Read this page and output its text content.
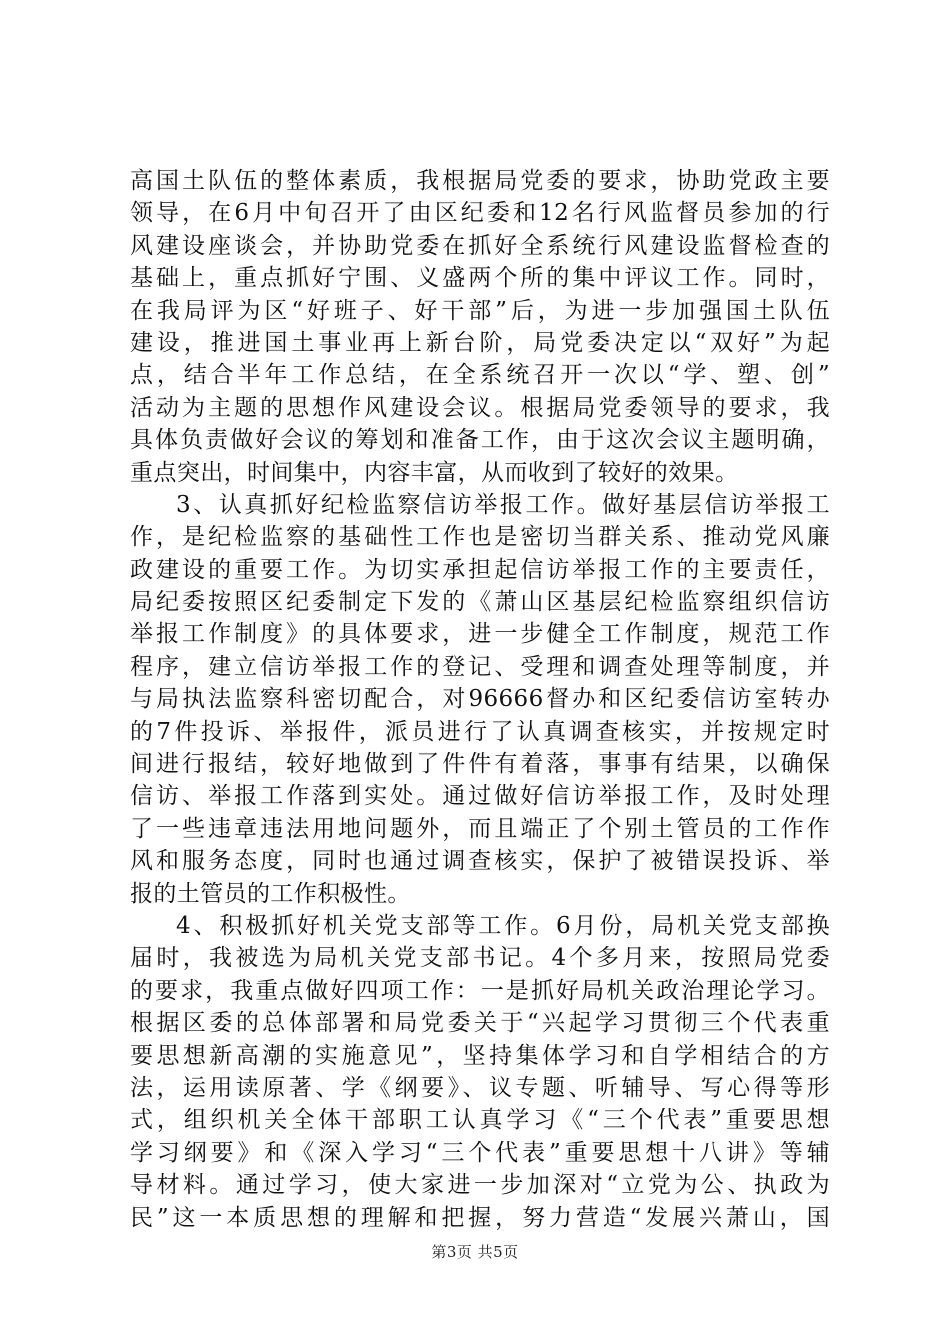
高国土队伍的整体素质，我根据局党委的要求，协助党政主要
领导，在6月中旬召开了由区纪委和12名行风监督员参加的行
风建设座谈会，并协助党委在抓好全系统行风建设监督检查的
基础上，重点抓好宁围、义盛两个所的集中评议工作。同时，
在我局评为区“好班子、好干部”后，为进一步加强国土队伍
建设，推进国土事业再上新台阶，局党委决定以“双好”为起
点，结合半年工作总结，在全系统召开一次以“学、塑、创”
活动为主题的思想作风建设会议。根据局党委领导的要求，我
具体负责做好会议的筹划和准备工作，由于这次会议主题明确，
重点突出，时间集中，内容丰富，从而收到了较好的效果。
3、认真抓好纪检监察信访举报工作。做好基层信访举报工
作，是纪检监察的基础性工作也是密切当群关系、推动党风廉
政建设的重要工作。为切实承担起信访举报工作的主要责任，
局纪委按照区纪委制定下发的《萧山区基层纪检监察组织信访
举报工作制度》的具体要求，进一步健全工作制度，规范工作
程序，建立信访举报工作的登记、受理和调查处理等制度，并
与局执法监察科密切配合，对96666督办和区纪委信访室转办
的7件投诉、举报件，派员进行了认真调查核实，并按规定时
间进行报结，较好地做到了件件有着落，事事有结果，以确保
信访、举报工作落到实处。通过做好信访举报工作，及时处理
了一些违章违法用地问题外，而且端正了个别土管员的工作作
风和服务态度，同时也通过调查核实，保护了被错误投诉、举
报的土管员的工作积极性。
4、积极抓好机关党支部等工作。6月份，局机关党支部换
届时，我被选为局机关党支部书记。4个多月来，按照局党委
的要求，我重点做好四项工作：一是抓好局机关政治理论学习。
根据区委的总体部署和局党委关于“兴起学习贯彻三个代表重
要思想新高潮的实施意见”，坚持集体学习和自学相结合的方
法，运用读原著、学《纲要》、议专题、听辅导、写心得等形
式，组织机关全体干部职工认真学习《“三个代表”重要思想
学习纲要》和《深入学习“三个代表”重要思想十八讲》等辅
导材料。通过学习，使大家进一步加深对“立党为公、执政为
民”这一本质思想的理解和把握，努力营造“发展兴萧山，国
第3页 共5页
